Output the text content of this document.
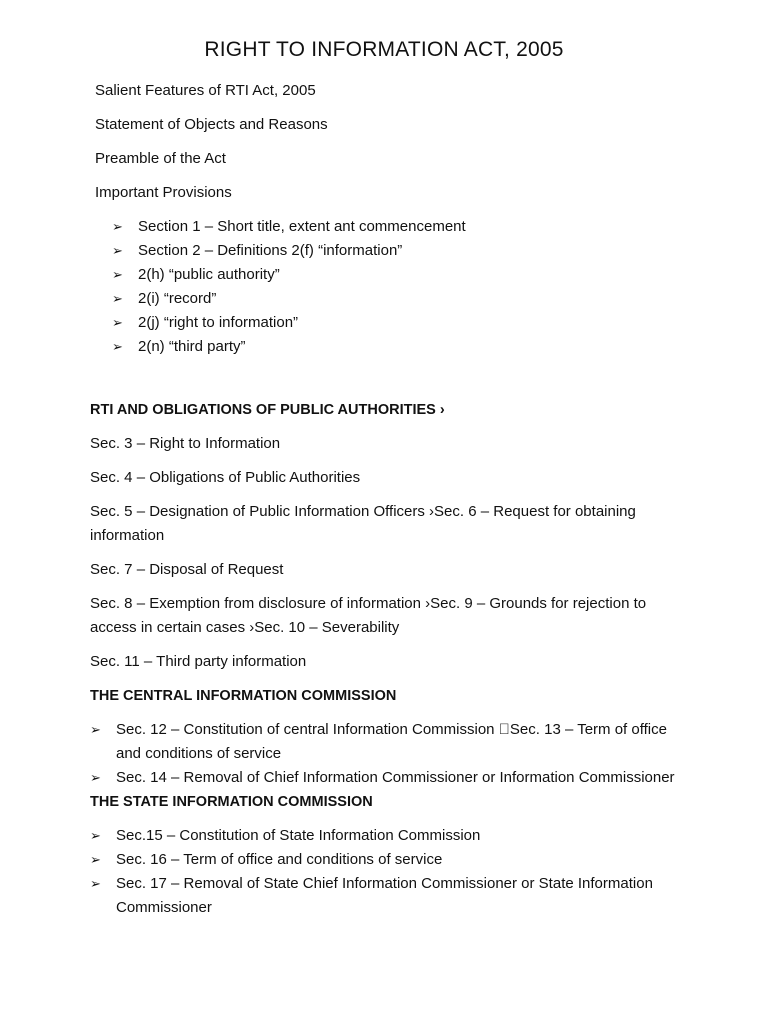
RIGHT TO INFORMATION ACT, 2005
Salient Features of RTI Act, 2005
Statement of Objects and Reasons
Preamble of the Act
Important Provisions
➢ Section 1 – Short title, extent ant commencement
➢ Section 2 – Definitions 2(f) “information”
➢ 2(h) “public authority”
➢ 2(i) “record”
➢ 2(j) “right to information”
➢ 2(n) “third party”
RTI AND OBLIGATIONS OF PUBLIC AUTHORITIES ›
Sec. 3 – Right to Information
Sec. 4 – Obligations of Public Authorities
Sec. 5 – Designation of Public Information Officers ›Sec. 6 – Request for obtaining information
Sec. 7 – Disposal of Request
Sec. 8 – Exemption from disclosure of information ›Sec. 9 – Grounds for rejection to access in certain cases ›Sec. 10 – Severability
Sec. 11 – Third party information
THE CENTRAL INFORMATION COMMISSION
➢ Sec. 12 – Constitution of central Information Commission  Sec. 13 – Term of office and conditions of service
➢ Sec. 14 – Removal of Chief Information Commissioner or Information Commissioner
THE STATE INFORMATION COMMISSION
➢ Sec.15 – Constitution of State Information Commission
➢ Sec. 16 – Term of office and conditions of service
➢ Sec. 17 – Removal of State Chief Information Commissioner or State Information Commissioner
